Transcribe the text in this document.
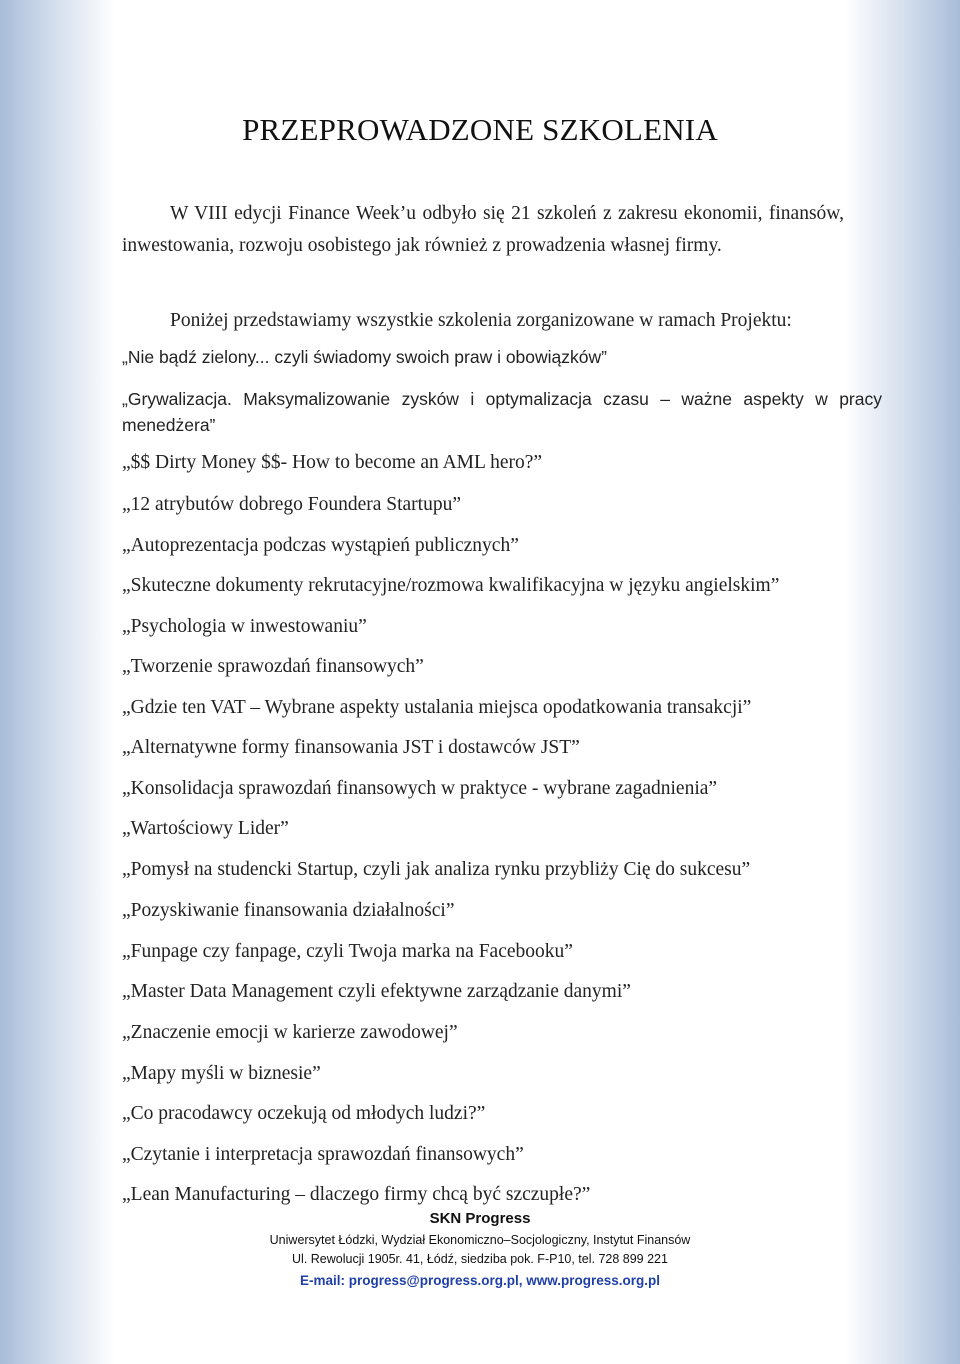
PRZEPROWADZONE SZKOLENIA

W VIII edycji Finance Week’u odbyło się 21 szkoleń z zakresu ekonomii, finansów, inwestowania, rozwoju osobistego jak również z prowadzenia własnej firmy.

Poniżej przedstawiamy wszystkie szkolenia zorganizowane w ramach Projektu:

„Nie bądź zielony... czyli świadomy swoich praw i obowiązków”

„Grywalizacja. Maksymalizowanie zysków i optymalizacja czasu – ważne aspekty w pracy menedżera”

„$$ Dirty Money $$- How to become an AML hero?”

„12 atrybutów dobrego Foundera Startupu”

„Autoprezentacja podczas wystąpień publicznych”

„Skuteczne dokumenty rekrutacyjne/rozmowa kwalifikacyjna w języku angielskim”

„Psychologia w inwestowaniu”

„Tworzenie sprawozdań finansowych”

„Gdzie ten VAT – Wybrane aspekty ustalania miejsca opodatkowania transakcji”

„Alternatywne formy finansowania JST i dostawców JST”

„Konsolidacja sprawozdań finansowych w praktyce - wybrane zagadnienia”

„Wartościowy Lider”

„Pomysł na studencki Startup, czyli jak analiza rynku przybliży Cię do sukcesu”

„Pozyskiwanie finansowania działalności”

„Funpage czy fanpage, czyli Twoja marka na Facebooku”

„Master Data Management czyli efektywne zarządzanie danymi”

„Znaczenie emocji w karierze zawodowej”

„Mapy myśli w biznesie”

„Co pracodawcy oczekują od młodych ludzi?”

„Czytanie i interpretacja sprawozdań finansowych”

„Lean Manufacturing – dlaczego firmy chcą być szczupłe?”

SKN Progress
Uniwersytet Łódzki, Wydział Ekonomiczno–Socjologiczny, Instytut Finansów
Ul. Rewolucji 1905r. 41, Łódź, siedziba pok. F-P10, tel. 728 899 221
E-mail: progress@progress.org.pl, www.progress.org.pl
